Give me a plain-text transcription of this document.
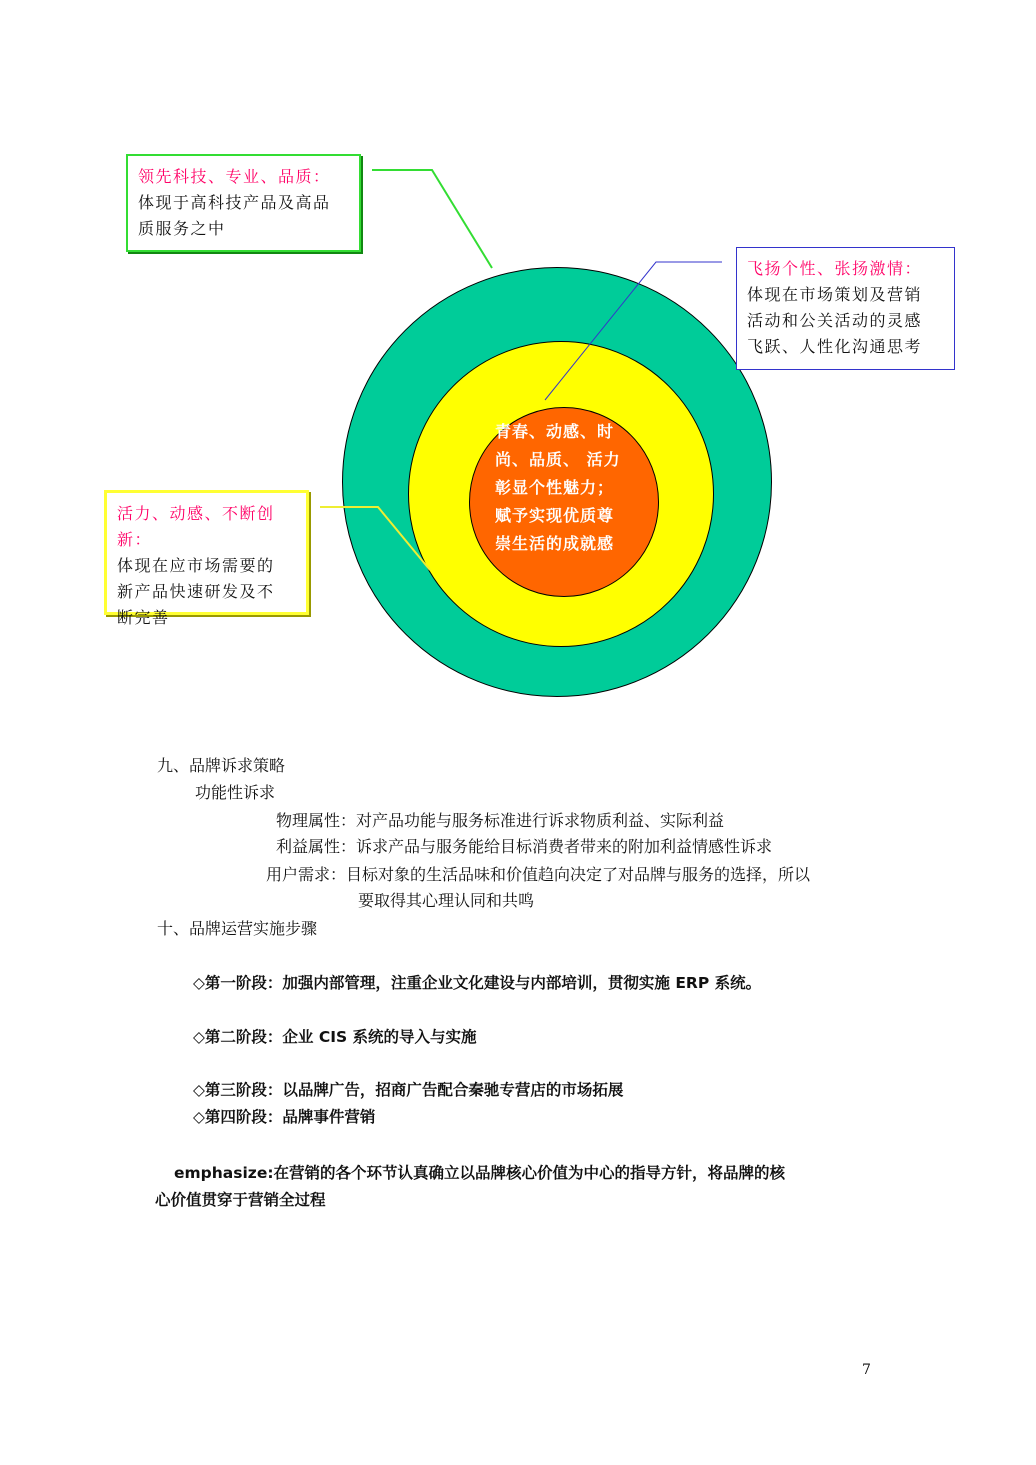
青春、动感、时
尚、品质、 活力
彰显个性魅力；
赋予实现优质尊
崇生活的成就感
领先科技、专业、品质：
体现于高科技产品及高品
质服务之中
飞扬个性、张扬激情：
体现在市场策划及营销
活动和公关活动的灵感
飞跃、人性化沟通思考
活力、动感、不断创新：
体现在应市场需要的
新产品快速研发及不
断完善
九、品牌诉求策略
功能性诉求
物理属性：对产品功能与服务标准进行诉求物质利益、实际利益
利益属性：诉求产品与服务能给目标消费者带来的附加利益情感性诉求
用户需求：目标对象的生活品味和价值趋向决定了对品牌与服务的选择，所以
要取得其心理认同和共鸣
十、品牌运营实施步骤
◇第一阶段：加强内部管理，注重企业文化建设与内部培训，贯彻实施 ERP 系统。
◇第二阶段：企业 CIS 系统的导入与实施
◇第三阶段：以品牌广告，招商广告配合秦驰专营店的市场拓展
◇第四阶段：品牌事件营销
emphasize:在营销的各个环节认真确立以品牌核心价值为中心的指导方针，将品牌的核
心价值贯穿于营销全过程
7
